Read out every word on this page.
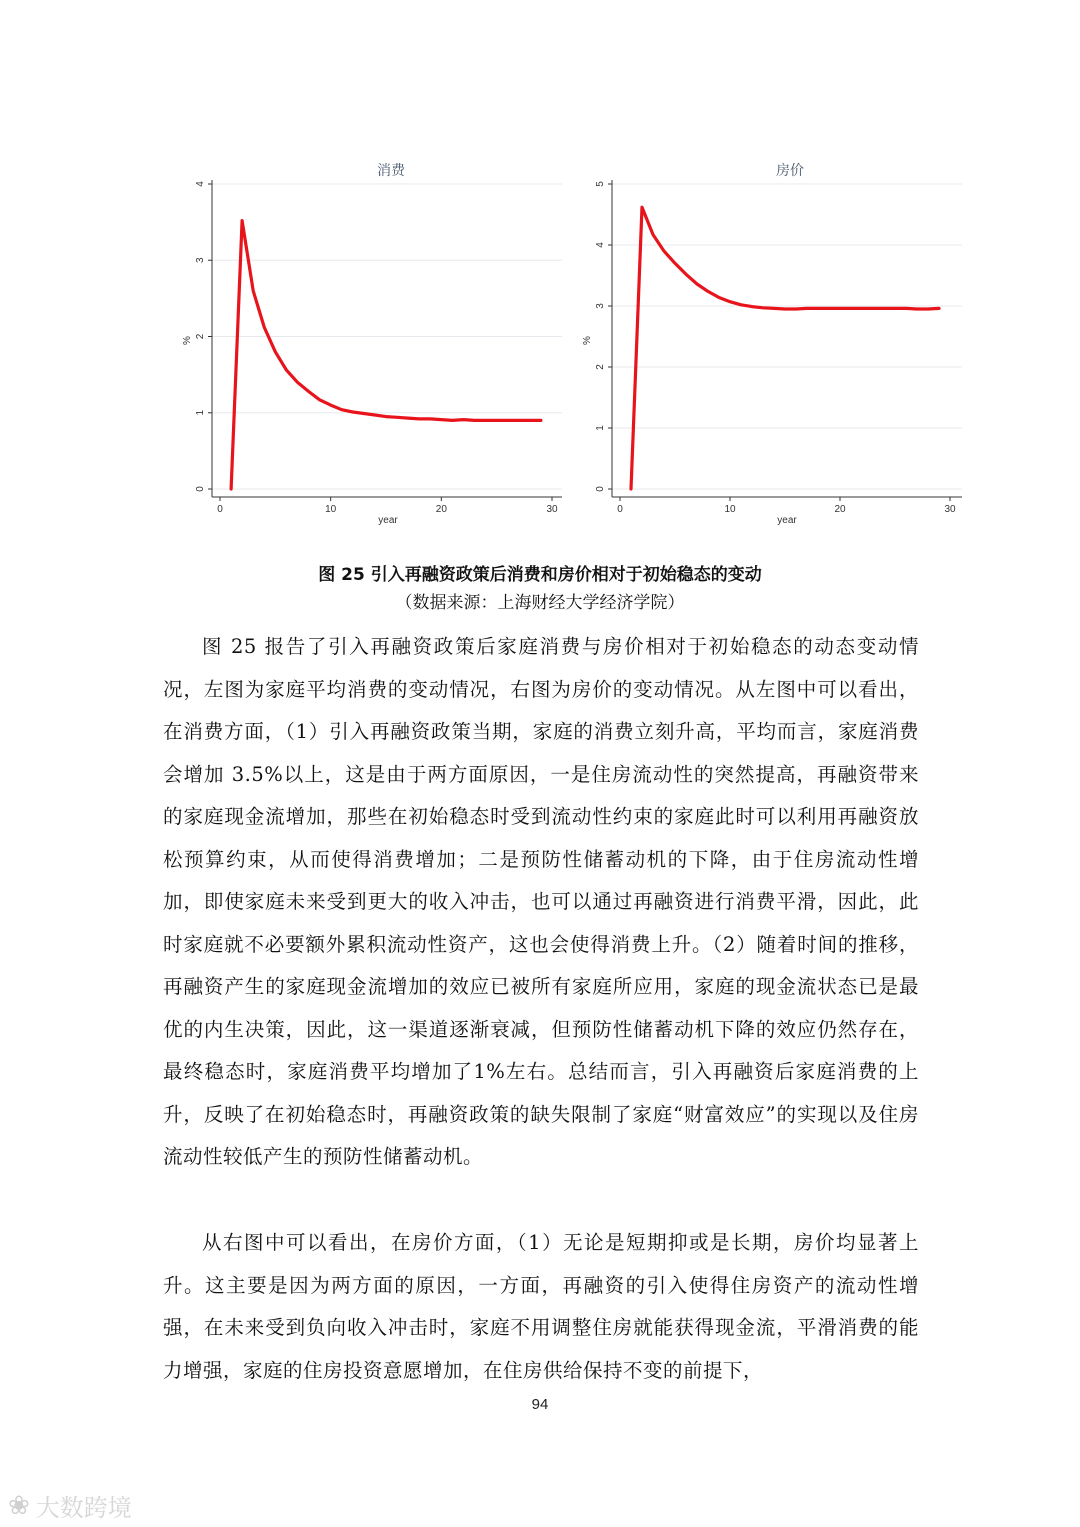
0
1
2
3
4
0	10	20	30
year
%
消费
0
1
2
3
4
5
0	10	20	30
year
%
房价
图 25 引入再融资政策后消费和房价相对于初始稳态的变动
（数据来源：上海财经大学经济学院）

图 25 报告了引入再融资政策后家庭消费与房价相对于初始稳态的动态变动情况，左图为家庭平均消费的变动情况，右图为房价的变动情况。从左图中可以看出，在消费方面，（1）引入再融资政策当期，家庭的消费立刻升高，平均而言，家庭消费会增加 3.5%以上，这是由于两方面原因，一是住房流动性的突然提高，再融资带来的家庭现金流增加，那些在初始稳态时受到流动性约束的家庭此时可以利用再融资放松预算约束，从而使得消费增加；二是预防性储蓄动机的下降，由于住房流动性增加，即使家庭未来受到更大的收入冲击，也可以通过再融资进行消费平滑，因此，此时家庭就不必要额外累积流动性资产，这也会使得消费上升。（2）随着时间的推移，再融资产生的家庭现金流增加的效应已被所有家庭所应用，家庭的现金流状态已是最优的内生决策，因此，这一渠道逐渐衰减，但预防性储蓄动机下降的效应仍然存在，最终稳态时，家庭消费平均增加了1%左右。总结而言，引入再融资后家庭消费的上升，反映了在初始稳态时，再融资政策的缺失限制了家庭“财富效应”的实现以及住房流动性较低产生的预防性储蓄动机。

从右图中可以看出，在房价方面，（1）无论是短期抑或是长期，房价均显著上升。这主要是因为两方面的原因，一方面，再融资的引入使得住房资产的流动性增强，在未来受到负向收入冲击时，家庭不用调整住房就能获得现金流，平滑消费的能力增强，家庭的住房投资意愿增加，在住房供给保持不变的前提下，

94
❀ 大数跨境
